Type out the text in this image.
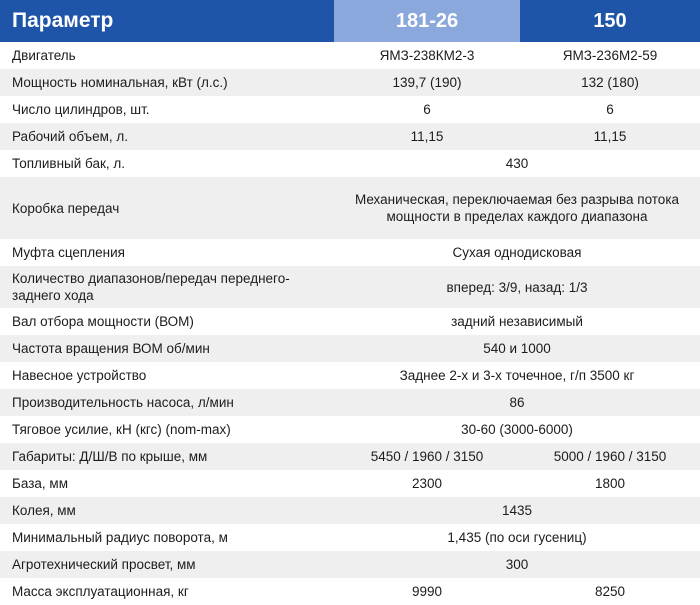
Параметр	181-26	150
Двигатель	ЯМЗ-238КМ2-3	ЯМЗ-236М2-59
Мощность номинальная, кВт (л.с.)	139,7 (190)	132 (180)
Число цилиндров, шт.	6	6
Рабочий объем, л.	11,15	11,15
Топливный бак, л.	430	
Коробка передач	Механическая, переключаемая без разрыва потока мощности в пределах каждого диапазона	
Муфта сцепления	Сухая однодисковая	
Количество диапазонов/передач переднего-заднего хода	вперед: 3/9, назад: 1/3	
Вал отбора мощности (ВОМ)	задний независимый	
Частота вращения ВОМ об/мин	540 и 1000	
Навесное устройство	Заднее 2-х и 3-х точечное, г/п 3500 кг	
Производительность насоса, л/мин	86	
Тяговое усилие, кН (кгс) (nom-max)	30-60 (3000-6000)	
Габариты: Д/Ш/В по крыше, мм	5450 / 1960 / 3150	5000 / 1960 / 3150
База, мм	2300	1800
Колея, мм	1435	
Минимальный радиус поворота, м	1,435 (по оси гусениц)	
Агротехнический просвет, мм	300	
Масса эксплуатационная, кг	9990	8250
